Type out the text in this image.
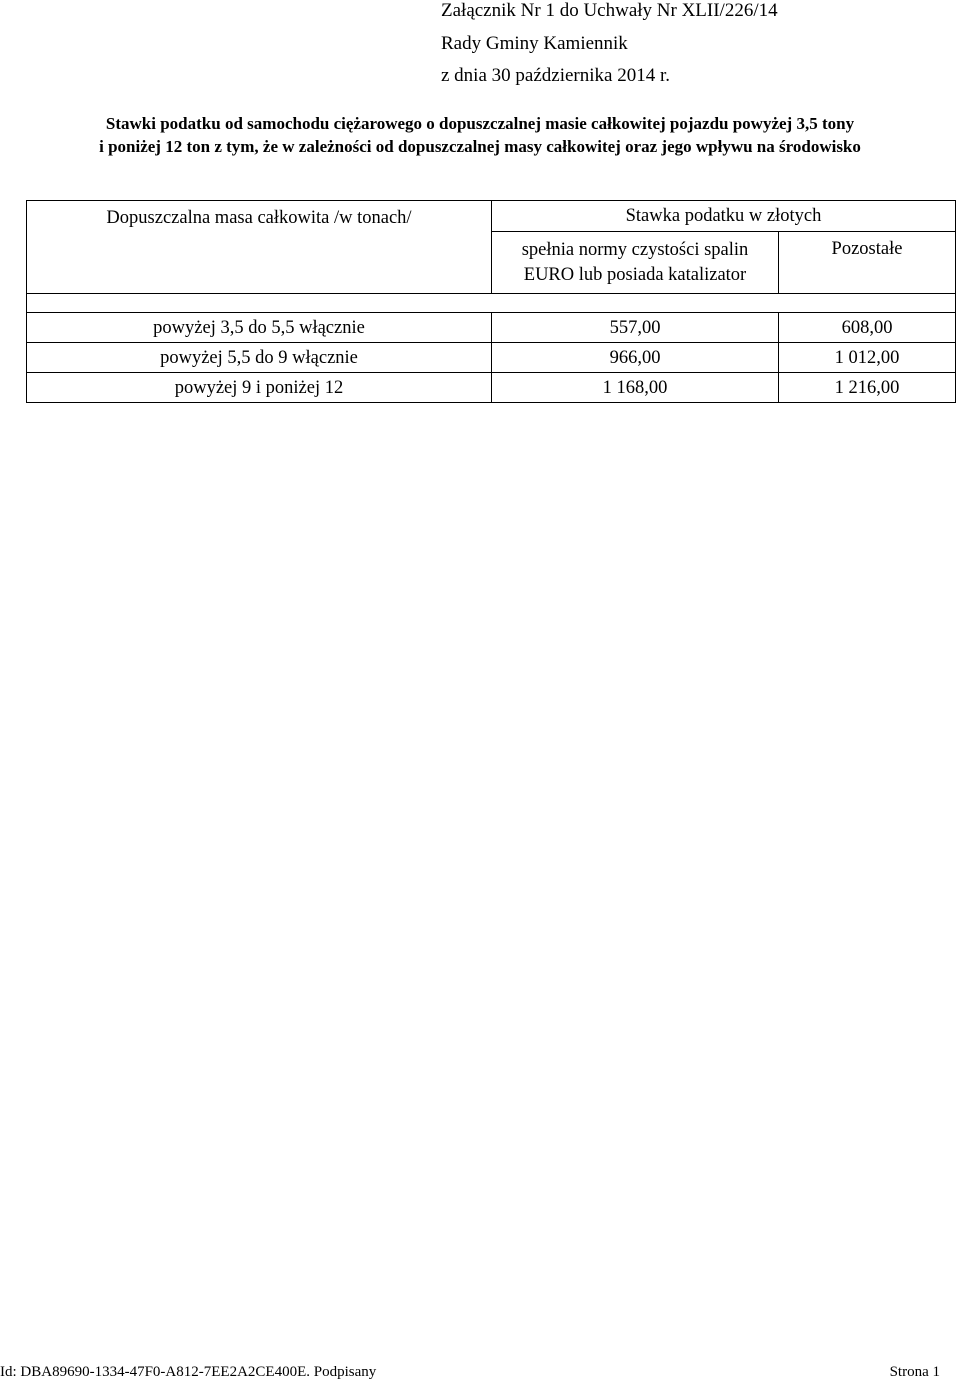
Załącznik Nr 1 do Uchwały Nr XLII/226/14
Rady Gminy Kamiennik
z dnia 30 października 2014 r.
Stawki podatku od samochodu ciężarowego o dopuszczalnej masie całkowitej pojazdu powyżej 3,5 tony
i poniżej 12 ton z tym, że w zależności od dopuszczalnej masy całkowitej oraz jego wpływu na środowisko
Dopuszczalna masa całkowita /w tonach/	Stawka podatku w złotych	
	spełnia normy czystości spalin EURO lub posiada katalizator	Pozostałe

powyżej 3,5 do 5,5 włącznie	557,00	608,00
powyżej 5,5 do 9 włącznie	966,00	1 012,00
powyżej 9 i poniżej 12	1 168,00	1 216,00
Id: DBA89690-1334-47F0-A812-7EE2A2CE400E. Podpisany	Strona 1
